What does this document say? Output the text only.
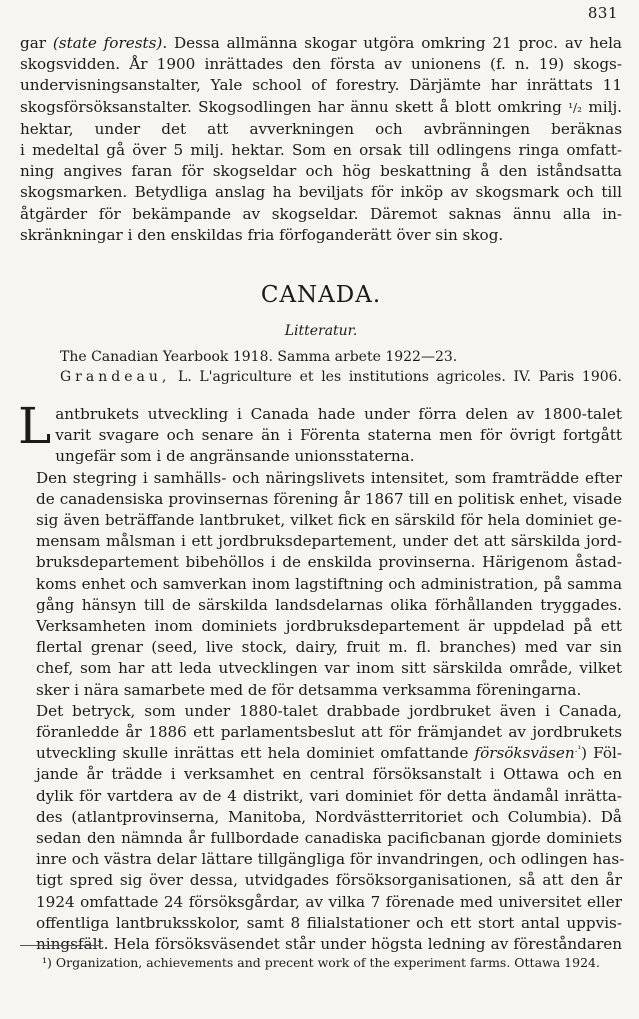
831
gar (state forests). Dessa allmänna skogar utgöra omkring 21 proc. av hela
skogsvidden. År 1900 inrättades den första av unionens (f. n. 19) skogs-
undervisningsanstalter, Yale school of forestry. Därjämte har inrättats 11
skogsförsöksanstalter. Skogsodlingen har ännu skett å blott omkring ¹/₂ milj.
hektar, under det att avverkningen och avbränningen beräknas
i medeltal gå över 5 milj. hektar. Som en orsak till odlingens ringa omfatt-
ning angives faran för skogseldar och hög beskattning å den iståndsatta
skogsmarken. Betydliga anslag ha beviljats för inköp av skogsmark och till
åtgärder för bekämpande av skogseldar. Däremot saknas ännu alla in-
skränkningar i den enskildas fria förfoganderätt över sin skog.
CANADA.
Litteratur.
The Canadian Yearbook 1918. Samma arbete 1922—23.
Grandeau, L. L'agriculture et les institutions agricoles. IV. Paris 1906.
L antbrukets utveckling i Canada hade under förra delen av 1800-talet
varit svagare och senare än i Förenta staterna men för övrigt fortgått
ungefär som i de angränsande unionsstaterna.
Den stegring i samhälls- och näringslivets intensitet, som framträdde efter
de canadensiska provinsernas förening år 1867 till en politisk enhet, visade
sig även beträffande lantbruket, vilket fick en särskild för hela dominiet ge-
mensam målsman i ett jordbruksdepartement, under det att särskilda jord-
bruksdepartement bibehöllos i de enskilda provinserna. Härigenom åstad-
koms enhet och samverkan inom lagstiftning och administration, på samma
gång hänsyn till de särskilda landsdelarnas olika förhållanden tryggades.
Verksamheten inom dominiets jordbruksdepartement är uppdelad på ett
flertal grenar (seed, live stock, dairy, fruit m. fl. branches) med var sin
chef, som har att leda utvecklingen var inom sitt särskilda område, vilket
sker i nära samarbete med de för detsamma verksamma föreningarna.
Det betryck, som under 1880-talet drabbade jordbruket även i Canada,
föranledde år 1886 ett parlamentsbeslut att för främjandet av jordbrukets
utveckling skulle inrättas ett hela dominiet omfattande försöksväsen$^{.^1}$) Föl-
jande år trädde i verksamhet en central försöksanstalt i Ottawa och en
dylik för vartdera av de 4 distrikt, vari dominiet för detta ändamål inrätta-
des (atlantprovinserna, Manitoba, Nordvästterritoriet och Columbia). Då
sedan den nämnda år fullbordade canadiska pacificbanan gjorde dominiets
inre och västra delar lättare tillgängliga för invandringen, och odlingen has-
tigt spred sig över dessa, utvidgades försöksorganisationen, så att den år
1924 omfattade 24 försöksgårdar, av vilka 7 förenade med universitet eller
offentliga lantbruksskolor, samt 8 filialstationer och ett stort antal uppvis-
ningsfält. Hela försöksväsendet står under högsta ledning av föreståndaren
¹) Organization, achievements and precent work of the experiment farms. Ottawa 1924.
